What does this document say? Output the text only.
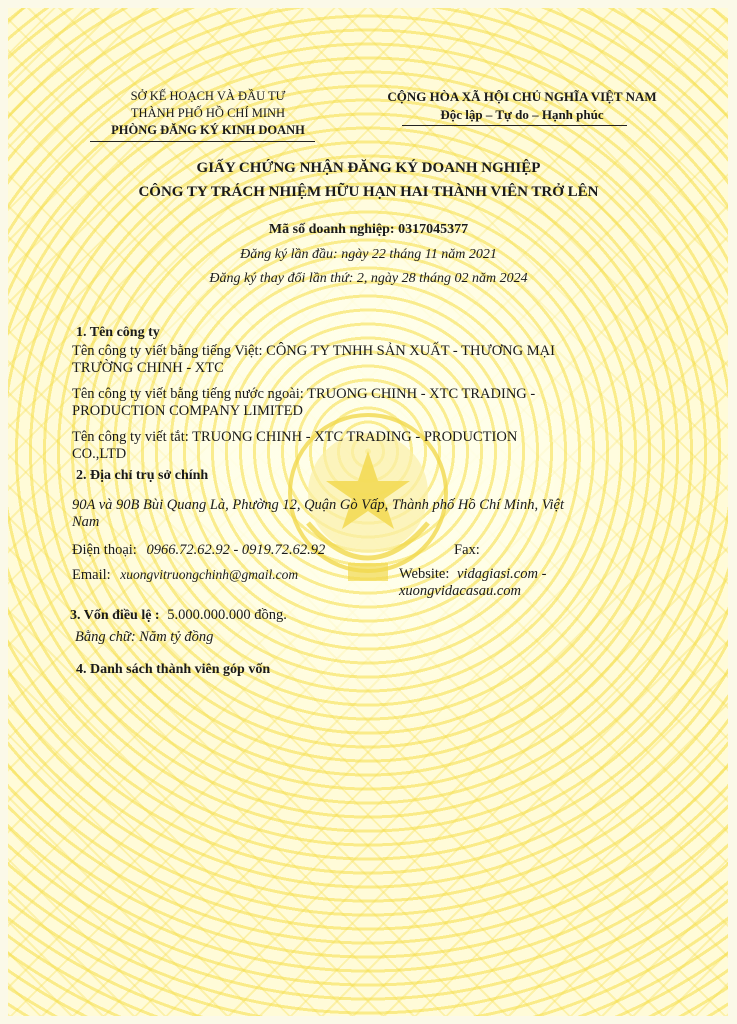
SỞ KẾ HOẠCH VÀ ĐẦU TƯ
THÀNH PHỐ HỒ CHÍ MINH
PHÒNG ĐĂNG KÝ KINH DOANH
CỘNG HÒA XÃ HỘI CHỦ NGHĨA VIỆT NAM
Độc lập – Tự do – Hạnh phúc
GIẤY CHỨNG NHẬN ĐĂNG KÝ DOANH NGHIỆP
CÔNG TY TRÁCH NHIỆM HỮU HẠN HAI THÀNH VIÊN TRỞ LÊN
Mã số doanh nghiệp: 0317045377
Đăng ký lần đầu: ngày 22 tháng 11 năm 2021
Đăng ký thay đổi lần thứ: 2, ngày 28 tháng 02 năm 2024
1. Tên công ty
Tên công ty viết bằng tiếng Việt: CÔNG TY TNHH SẢN XUẤT - THƯƠNG MẠI
TRƯỜNG CHINH - XTC
Tên công ty viết bằng tiếng nước ngoài: TRUONG CHINH - XTC TRADING -
PRODUCTION COMPANY LIMITED
Tên công ty viết tắt: TRUONG CHINH - XTC TRADING - PRODUCTION
CO.,LTD
2. Địa chỉ trụ sở chính
90A và 90B Bùi Quang Là, Phường 12, Quận Gò Vấp, Thành phố Hồ Chí Minh, Việt
Nam
Điện thoại: 0966.72.62.92 - 0919.72.62.92	Fax:
Email: xuongvitruongchinh@gmail.com	Website: vidagiasi.com -
xuongvidacasau.com
3. Vốn điều lệ : 5.000.000.000 đồng.
Bằng chữ: Năm tỷ đồng
4. Danh sách thành viên góp vốn
